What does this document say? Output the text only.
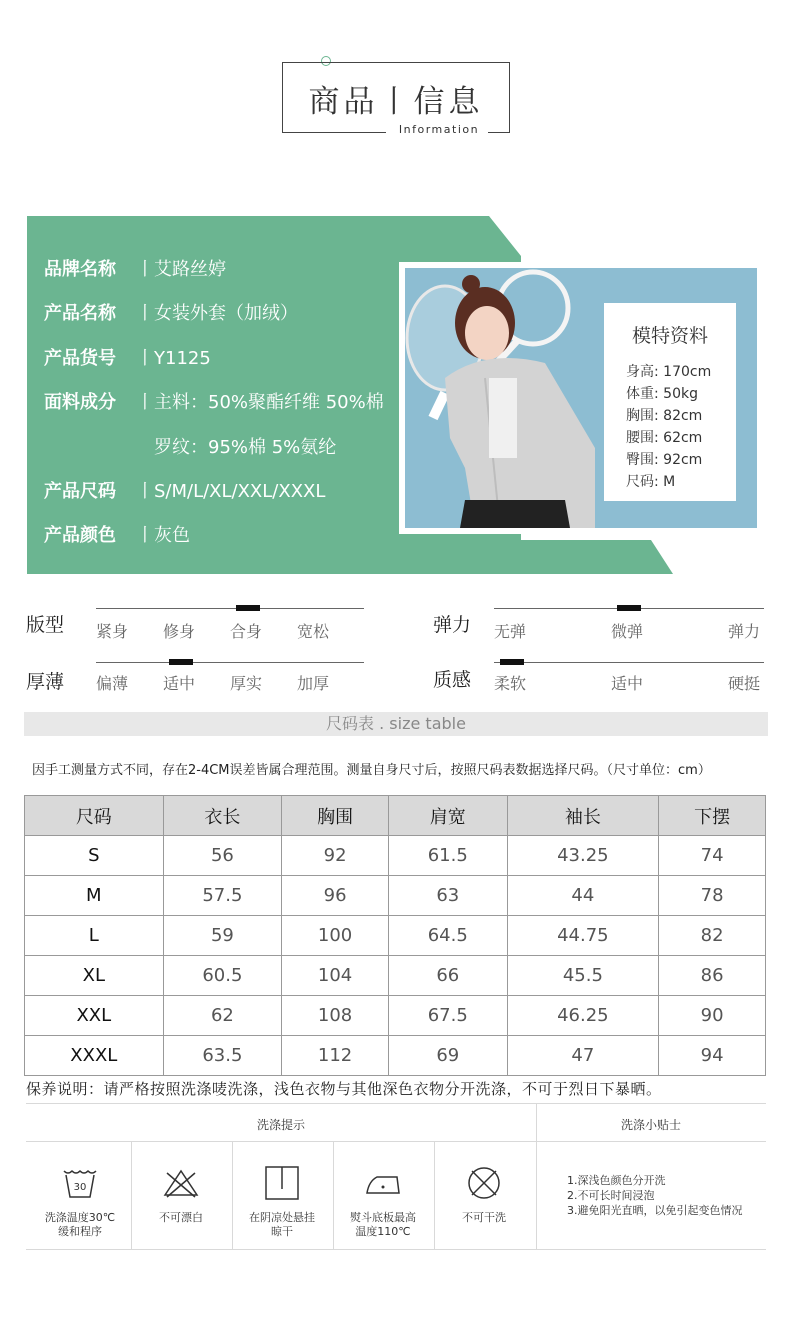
商品丨信息
Information
品牌名称 丨艾路丝婷
产品名称 丨女装外套（加绒）
产品货号 丨Y1125
面料成分 丨主料：50%聚酯纤维 50%棉
罗纹：95%棉 5%氨纶
产品尺码 丨S/M/L/XL/XXL/XXXL
产品颜色 丨灰色
模特资料
身高: 170cm
体重: 50kg
胸围: 82cm
腰围: 62cm
臀围: 92cm
尺码: M
版型 紧身 修身 合身 宽松	弹力 无弹	微弹	弹力
厚薄 偏薄 适中 厚实 加厚	质感 柔软	适中	硬挺
尺码表 . size table
因手工测量方式不同，存在2-4CM误差皆属合理范围。测量自身尺寸后，按照尺码表数据选择尺码。（尺寸单位：cm）
尺码	衣长	胸围	肩宽	袖长	下摆
S	56	92	61.5	43.25	74
M	57.5	96	63	44	78
L	59	100	64.5	44.75	82
XL	60.5	104	66	45.5	86
XXL	62	108	67.5	46.25	90
XXXL	63.5	112	69	47	94
保养说明：请严格按照洗涤唛洗涤，浅色衣物与其他深色衣物分开洗涤，不可于烈日下暴晒。
洗涤提示	洗涤小贴士
30
洗涤温度30℃
缓和程序
不可漂白	在阴凉处悬挂
晾干
熨斗底板最高
温度110℃
不可干洗
1.深浅色颜色分开洗
2.不可长时间浸泡
3.避免阳光直晒，以免引起变色情况
